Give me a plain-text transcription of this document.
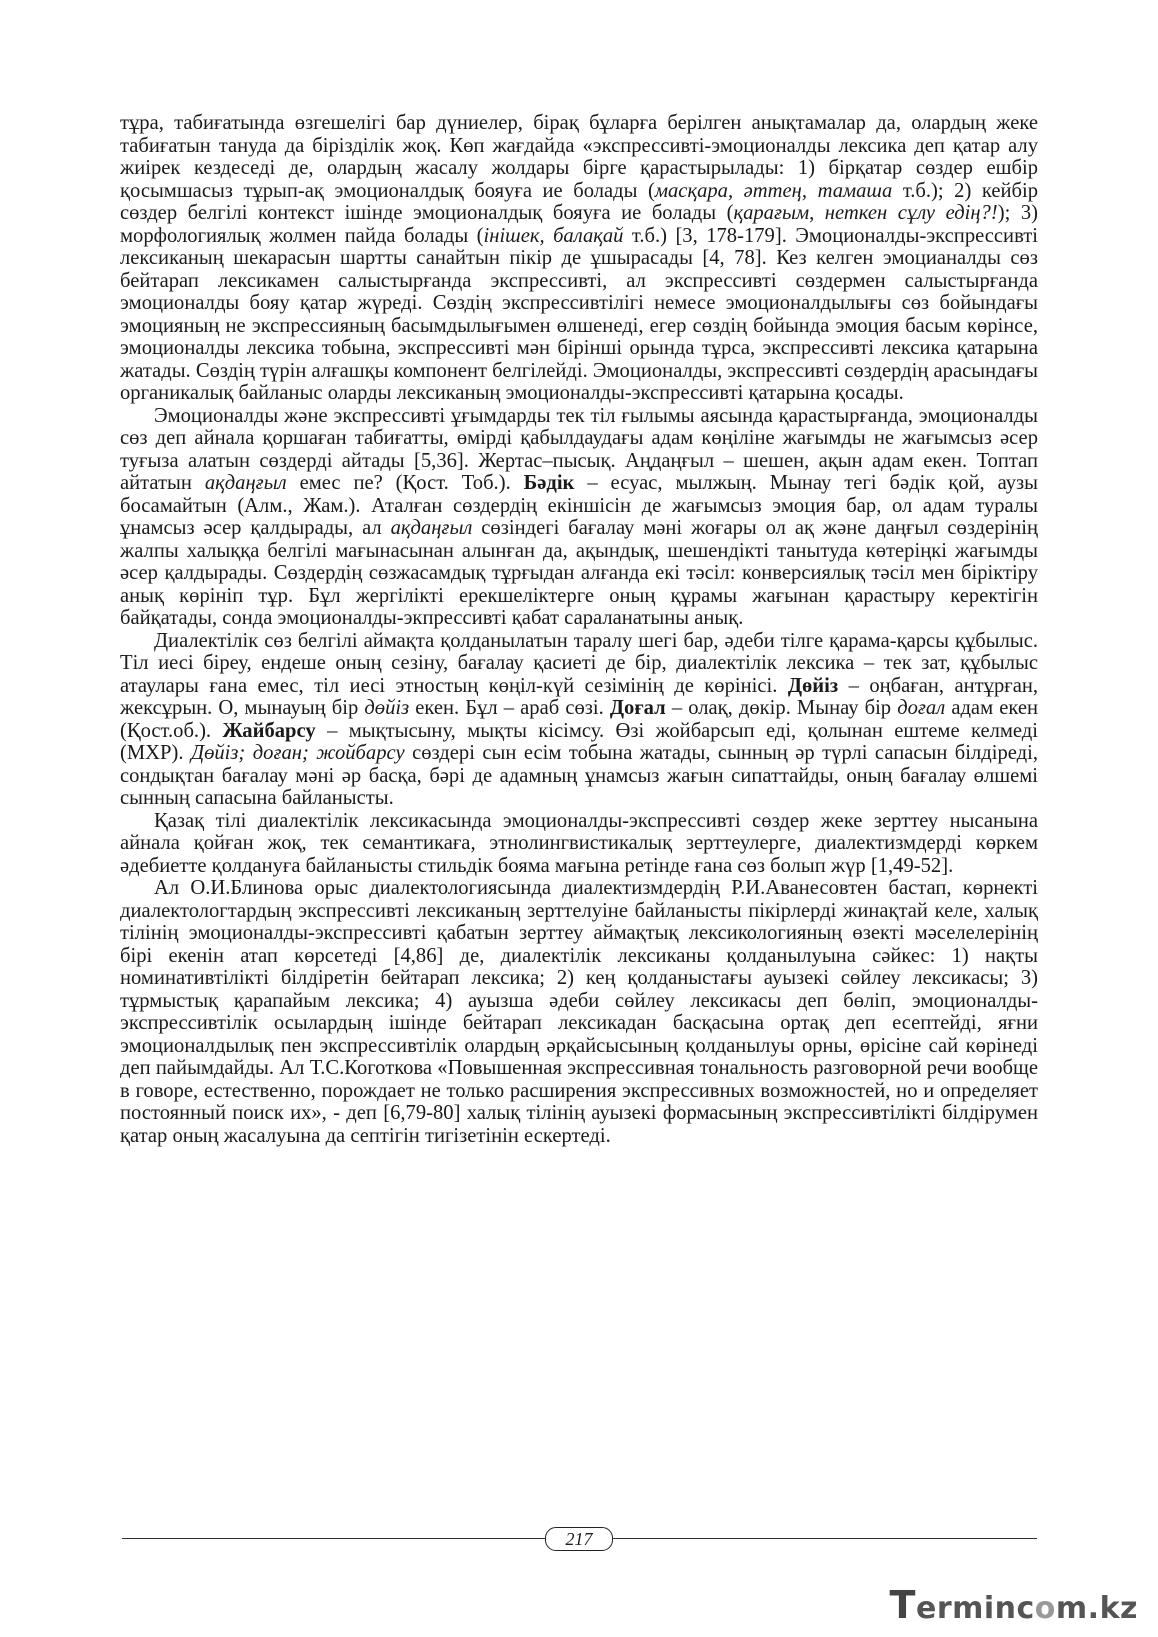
тұра, табиғатында өзгешелігі бар дүниелер, бірақ бұларға берілген анықтамалар да, олардың жеке табиғатын тануда да бірізділік жоқ. Көп жағдайда «экспрессивті-эмоционалды лексика деп қатар алу жиірек кездеседі де, олардың жасалу жолдары бірге қарастырылады: 1) бірқатар сөздер ешбір қосымшасыз тұрып-ақ эмоционалдық бояуға ие болады (масқара, әттең, тамаша т.б.); 2) кейбір сөздер белгілі контекст ішінде эмоционалдық бояуға ие болады (қарағым, неткен сұлу едің?!); 3) морфологиялық жолмен пайда болады (інішек, балақай т.б.) [3, 178-179]. Эмоционалды-экспрессивті лексиканың шекарасын шартты санайтын пікір де ұшырасады [4, 78]. Кез келген эмоцианалды сөз бейтарап лексикамен салыстырғанда экспрессивті, ал экспрессивті сөздермен салыстырғанда эмоционалды бояу қатар жүреді. Сөздің экспрессивтілігі немесе эмоционалдылығы сөз бойындағы эмоцияның не экспрессияның басымдылығымен өлшенеді, егер сөздің бойында эмоция басым көрінсе, эмоционалды лексика тобына, экспрессивті мән бірінші орында тұрса, экспрессивті лексика қатарына жатады. Сөздің түрін алғашқы компонент белгілейді. Эмоционалды, экспрессивті сөздердің арасындағы органикалық байланыс оларды лексиканың эмоционалды-экспрессивті қатарына қосады.

Эмоционалды және экспрессивті ұғымдарды тек тіл ғылымы аясында қарастырғанда, эмоционалды сөз деп айнала қоршаған табиғатты, өмірді қабылдаудағы адам көңіліне жағымды не жағымсыз әсер туғыза алатын сөздерді айтады [5,36]. Жертас–пысық. Аңдаңғыл – шешен, ақын адам екен. Топтап айтатын ақдаңғыл емес пе? (Қост. Тоб.). Бәдік – есуас, мылжың. Мынау тегі бәдік қой, аузы босамайтын (Алм., Жам.). Аталған сөздердің екіншісін де жағымсыз эмоция бар, ол адам туралы ұнамсыз әсер қалдырады, ал ақдаңғыл сөзіндегі бағалау мәні жоғары ол ақ және даңғыл сөздерінің жалпы халыққа белгілі мағынасынан алынған да, ақындық, шешендікті танытуда көтеріңкі жағымды әсер қалдырады. Сөздердің сөзжасамдық тұрғыдан алғанда екі тәсіл: конверсиялық тәсіл мен біріктіру анық көрініп тұр. Бұл жергілікті ерекшеліктерге оның құрамы жағынан қарастыру керектігін байқатады, сонда эмоционалды-экпрессивті қабат сараланатыны анық.

Диалектілік сөз белгілі аймақта қолданылатын таралу шегі бар, әдеби тілге қарама-қарсы құбылыс. Тіл иесі біреу, ендеше оның сезіну, бағалау қасиеті де бір, диалектілік лексика – тек зат, құбылыс атаулары ғана емес, тіл иесі этностың көңіл-күй сезімінің де көрінісі. Дөйіз – оңбаған, антұрған, жексұрын. О, мынауың бір дөйіз екен. Бұл – араб сөзі. Доғал – олақ, дөкір. Мынау бір доғал адам екен (Қост.об.). Жайбарсу – мықтысыну, мықты кісімсу. Өзі жойбарсып еді, қолынан ештеме келмеді (МХР). Дөйіз; доған; жойбарсу сөздері сын есім тобына жатады, сынның әр түрлі сапасын білдіреді, сондықтан бағалау мәні әр басқа, бәрі де адамның ұнамсыз жағын сипаттайды, оның бағалау өлшемі сынның сапасына байланысты.

Қазақ тілі диалектілік лексикасында эмоционалды-экспрессивті сөздер жеке зерттеу нысанына айнала қойған жоқ, тек семантикаға, этнолингвистикалық зерттеулерге, диалектизмдерді көркем әдебиетте қолдануға байланысты стильдік бояма мағына ретінде ғана сөз болып жүр [1,49-52].

Ал О.И.Блинова орыс диалектологиясында диалектизмдердің Р.И.Аванесовтен бастап, көрнекті диалектологтардың экспрессивті лексиканың зерттелуіне байланысты пікірлерді жинақтай келе, халық тілінің эмоционалды-экспрессивті қабатын зерттеу аймақтық лексикологияның өзекті мәселелерінің бірі екенін атап көрсетеді [4,86] де, диалектілік лексиканы қолданылуына сәйкес: 1) нақты номинативтілікті білдіретін бейтарап лексика; 2) кең қолданыстағы ауызекі сөйлеу лексикасы; 3) тұрмыстық қарапайым лексика; 4) ауызша әдеби сөйлеу лексикасы деп бөліп, эмоционалды-экспрессивтілік осылардың ішінде бейтарап лексикадан басқасына ортақ деп есептейді, яғни эмоционалдылық пен экспрессивтілік олардың әрқайсысының қолданылуы орны, өрісіне сай көрінеді деп пайымдайды. Ал Т.С.Коготкова «Повышенная экспрессивная тональность разговорной речи вообще в говоре, естественно, порождает не только расширения экспрессивных возможностей, но и определяет постоянный поиск их», - деп [6,79-80] халық тілінің ауызекі формасының экспрессивтілікті білдірумен қатар оның жасалуына да септігін тигізетінін ескертеді.

217
Termincom.kz
